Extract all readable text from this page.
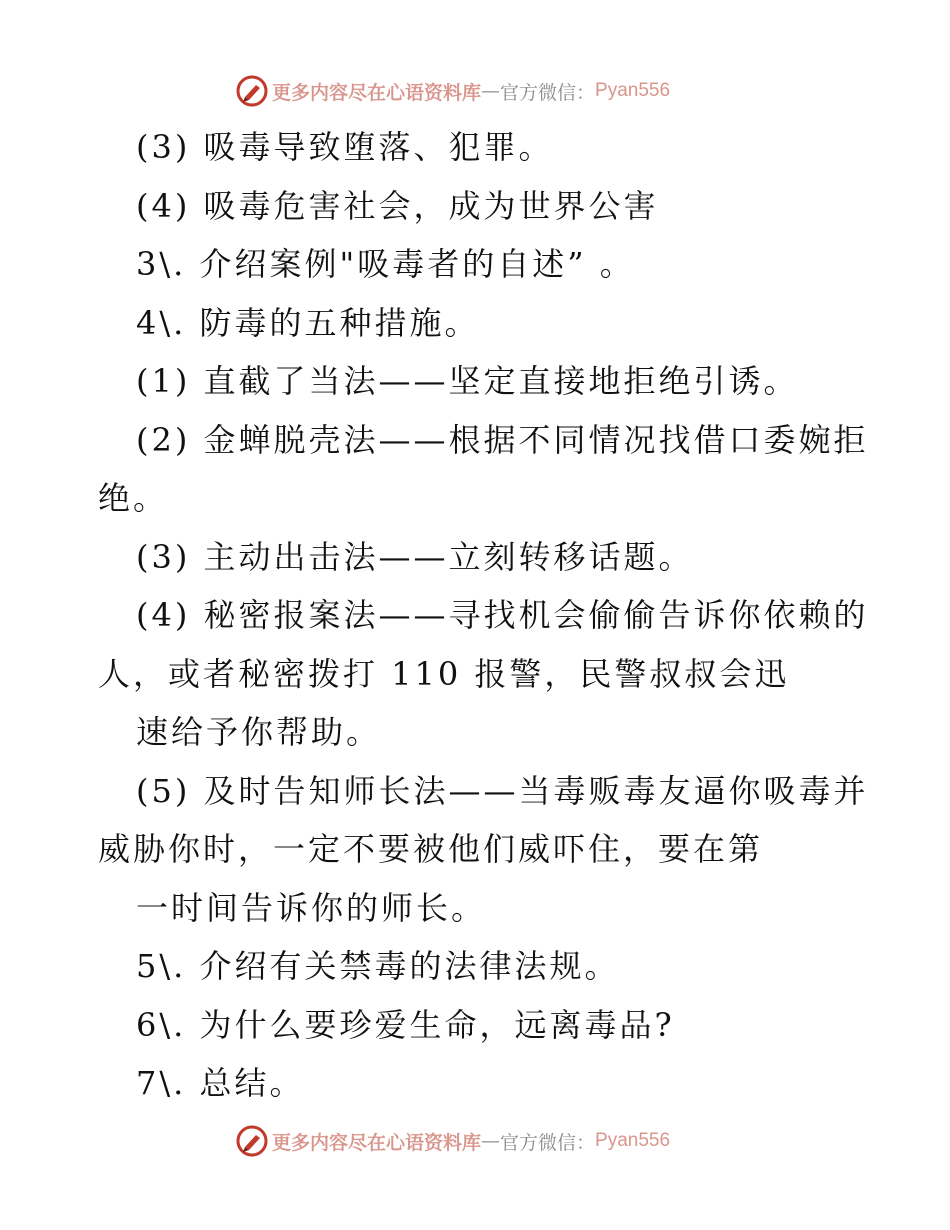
更多内容尽在心语资料库 — 官方微信： Pyan556
(3) 吸毒导致堕落、犯罪。
(4) 吸毒危害社会，成为世界公害
3\. 介绍案例"吸毒者的自述” 。
4\. 防毒的五种措施。
(1) 直截了当法——坚定直接地拒绝引诱。
(2) 金蝉脱壳法——根据不同情况找借口委婉拒
绝。
(3) 主动出击法——立刻转移话题。
(4) 秘密报案法——寻找机会偷偷告诉你依赖的
人，或者秘密拨打 110 报警，民警叔叔会迅
速给予你帮助。
(5) 及时告知师长法——当毒贩毒友逼你吸毒并
威胁你时，一定不要被他们威吓住，要在第
一时间告诉你的师长。
5\. 介绍有关禁毒的法律法规。
6\. 为什么要珍爱生命，远离毒品?
7\. 总结。
更多内容尽在心语资料库 — 官方微信： Pyan556
